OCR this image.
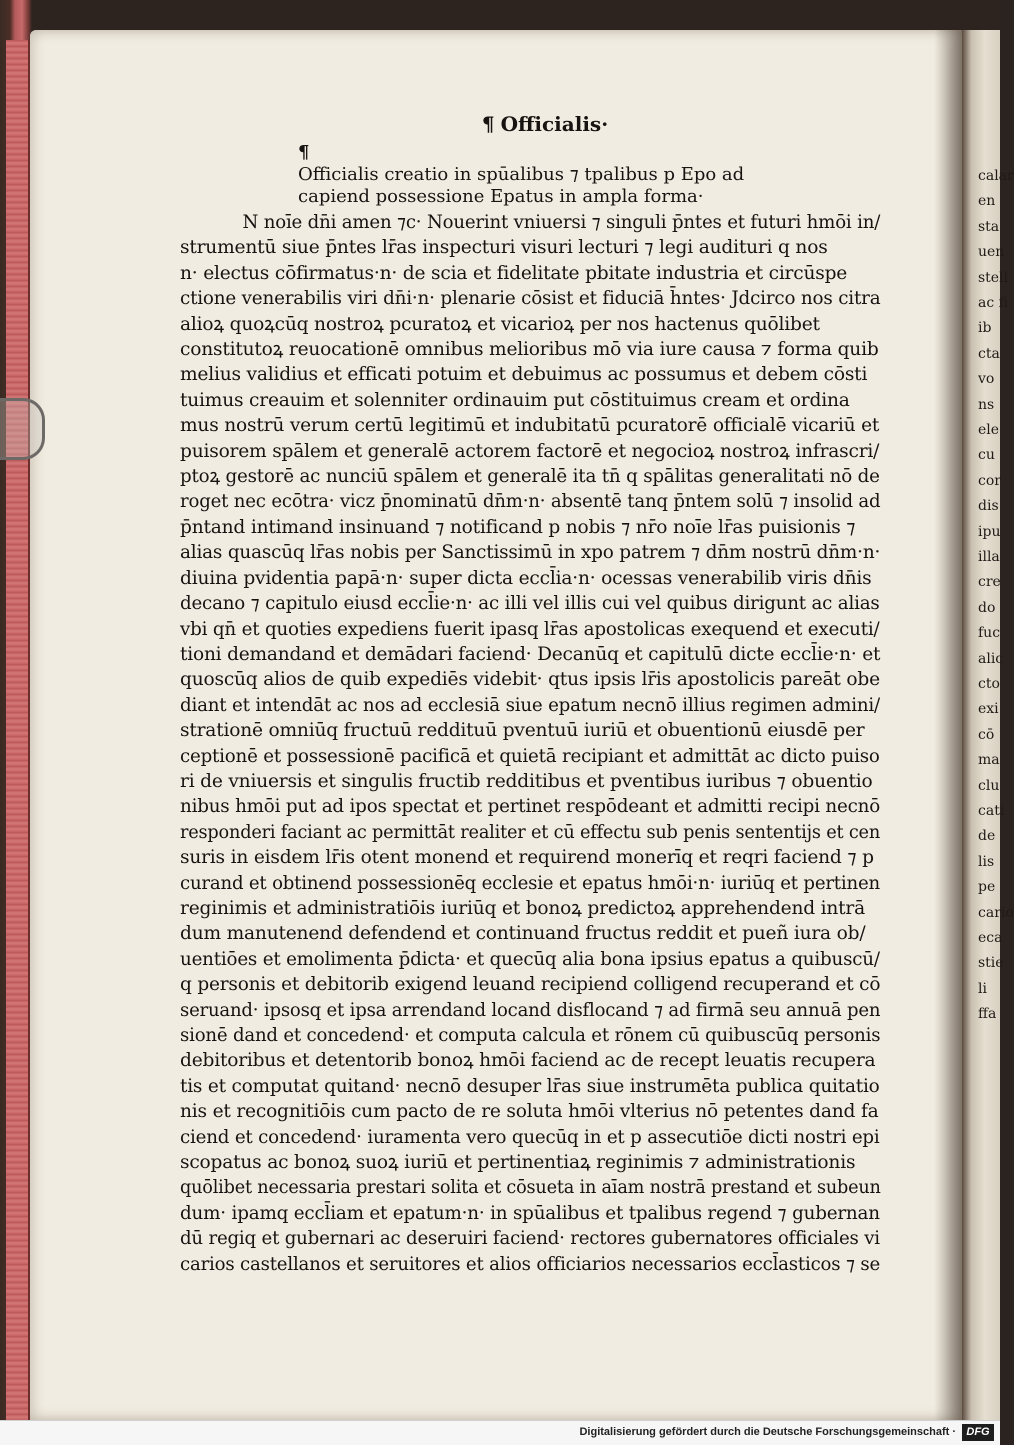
¶ Officialis·
¶
Officialis creatio in spūalibus ⁊ tpalibus p Epo ad
capiend possessione Epatus in ampla forma·
N noīe dn̄i amen ⁊c· Nouerint vniuersi ⁊ singuli p̄ntes et futuri hmōi in/
strumentū siue p̄ntes lr̄as inspecturi visuri lecturi ⁊ legi audituri q nos
n· electus cōfirmatus·n· de scia et fidelitate pbitate industria et circūspe
ctione venerabilis viri dn̄i·n· plenarie cōsist et fiduciā h̄ntes· Jdcirco nos citra
alioꝝ quoꝝcūq nostroꝝ pcuratoꝝ et vicarioꝝ per nos hactenus quōlibet
constitutoꝝ reuocationē omnibus melioribus mō via iure causa ⁊ forma quib
melius validius et efficati potuim et debuimus ac possumus et debem cōsti
tuimus creauim et solenniter ordinauim put cōstituimus cream et ordina
mus nostrū verum certū legitimū et indubitatū pcuratorē officialē vicariū et
puisorem spālem et generalē actorem factorē et negocioꝝ nostroꝝ infrascri/
ptoꝝ gestorē ac nunciū spālem et generalē ita tn̄ q spālitas generalitati nō de
roget nec ecōtra· vicz p̄nominatū dn̄m·n· absentē tanq p̄ntem solū ⁊ insolid ad
p̄ntand intimand insinuand ⁊ notificand p nobis ⁊ nr̄o noīe lr̄as puisionis ⁊
alias quascūq lr̄as nobis per Sanctissimū in xpo patrem ⁊ dn̄m nostrū dn̄m·n·
diuina pvidentia papā·n· super dicta eccl̄ia·n· ocessas venerabilib viris dn̄is
decano ⁊ capitulo eiusd eccl̄ie·n· ac illi vel illis cui vel quibus dirigunt ac alias
vbi qn̄ et quoties expediens fuerit ipasq lr̄as apostolicas exequend et executi/
tioni demandand et demādari faciend· Decanūq et capitulū dicte eccl̄ie·n· et
quoscūq alios de quib expediēs videbit· qtus ipsis lr̄is apostolicis pareāt obe
diant et intendāt ac nos ad ecclesiā siue epatum necnō illius regimen admini/
strationē omniūq fructuū reddituū pventuū iuriū et obuentionū eiusdē per
ceptionē et possessionē pacificā et quietā recipiant et admittāt ac dicto puiso
ri de vniuersis et singulis fructib redditibus et pventibus iuribus ⁊ obuentio
nibus hmōi put ad ipos spectat et pertinet respōdeant et admitti recipi necnō
responderi faciant ac permittāt realiter et cū effectu sub penis sententijs et cen
suris in eisdem lr̄is otent monend et requirend monerīq et reqri faciend ⁊ p
curand et obtinend possessionēq ecclesie et epatus hmōi·n· iuriūq et pertinen
reginimis et administratiōis iuriūq et bonoꝝ predictoꝝ apprehendend intrā
dum manutenend defendend et continuand fructus reddit et pueñ iura ob/
uentiōes et emolimenta p̄dicta· et quecūq alia bona ipsius epatus a quibuscū/
q personis et debitorib exigend leuand recipiend colligend recuperand et cō
seruand· ipsosq et ipsa arrendand locand disflocand ⁊ ad firmā seu annuā pen
sionē dand et concedend· et computa calcula et rōnem cū quibuscūq personis
debitoribus et detentorib bonoꝝ hmōi faciend ac de recept leuatis recupera
tis et computat quitand· necnō desuper lr̄as siue instrumēta publica quitatio
nis et recognitiōis cum pacto de re soluta hmōi vlterius nō petentes dand fa
ciend et concedend· iuramenta vero quecūq in et p assecutiōe dicti nostri epi
scopatus ac bonoꝝ suoꝝ iuriū et pertinentiaꝝ reginimis ⁊ administrationis
quōlibet necessaria prestari solita et cōsueta in aīam nostrā prestand et subeun
dum· ipamq eccl̄iam et epatum·n· in spūalibus et tpalibus regend ⁊ gubernan
dū regiq et gubernari ac deseruiri faciend· rectores gubernatores officiales vi
carios castellanos et seruitores et alios officiarios necessarios eccl̄asticos ⁊ se
calar
en
sta
uen
stell
ac fi
ib
cta
vo
ns
ele
cu
cor
dis
ipu
illa
cre
do
fuc
alic
cto
exi
cō
ma
clu
cati
de
lis
pe
cario
eca
stie
li
ffa
Digitalisierung gefördert durch die Deutsche Forschungsgemeinschaft · DFG
